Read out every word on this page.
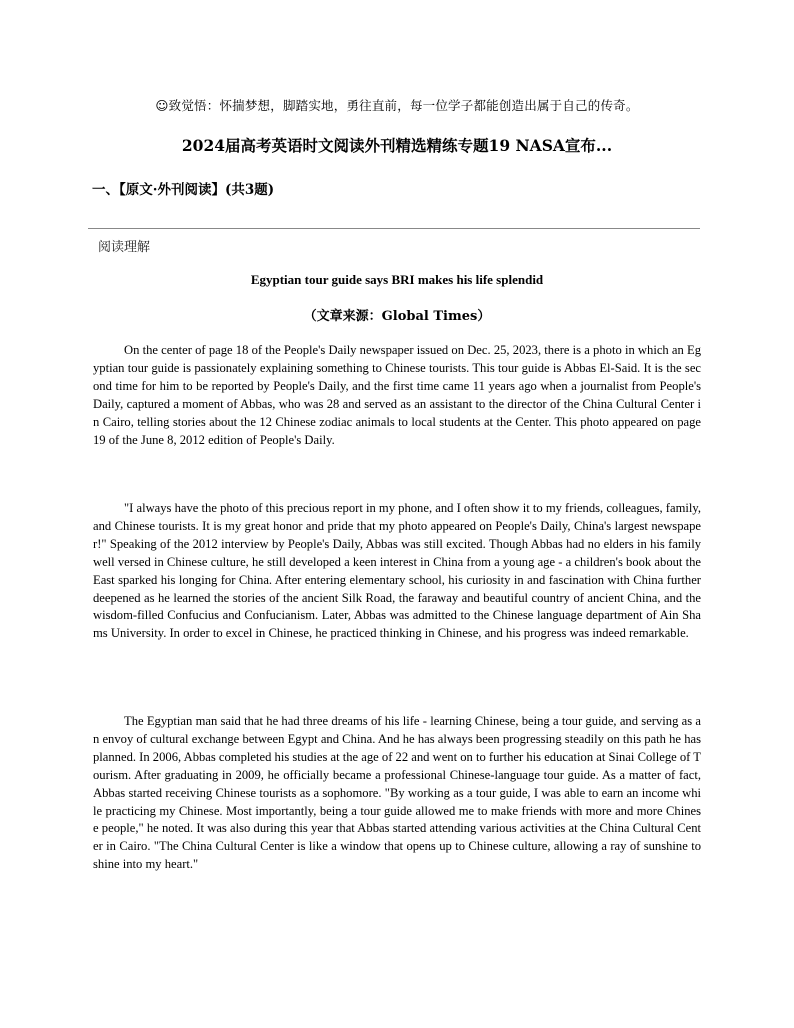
☺致觉悟：怀揣梦想，脚踏实地，勇往直前，每一位学子都能创造出属于自己的传奇。
2024届高考英语时文阅读外刊精选精练专题19 NASA宣布...
一、【原文·外刊阅读】(共3题)
阅读理解
Egyptian tour guide says BRI makes his life splendid
（文章来源：Global Times）
On the center of page 18 of the People's Daily newspaper issued on Dec. 25, 2023, there is a photo in which an Egyptian tour guide is passionately explaining something to Chinese tourists. This tour guide is Abbas El-Said. It is the second time for him to be reported by People's Daily, and the first time came 11 years ago when a journalist from People's Daily, captured a moment of Abbas, who was 28 and served as an assistant to the director of the China Cultural Center in Cairo, telling stories about the 12 Chinese zodiac animals to local students at the Center. This photo appeared on page 19 of the June 8, 2012 edition of People's Daily.
"I always have the photo of this precious report in my phone, and I often show it to my friends, colleagues, family, and Chinese tourists. It is my great honor and pride that my photo appeared on People's Daily, China's largest newspaper!" Speaking of the 2012 interview by People's Daily, Abbas was still excited. Though Abbas had no elders in his family well versed in Chinese culture, he still developed a keen interest in China from a young age - a children's book about the East sparked his longing for China. After entering elementary school, his curiosity in and fascination with China further deepened as he learned the stories of the ancient Silk Road, the faraway and beautiful country of ancient China, and the wisdom-filled Confucius and Confucianism. Later, Abbas was admitted to the Chinese language department of Ain Shams University. In order to excel in Chinese, he practiced thinking in Chinese, and his progress was indeed remarkable.
The Egyptian man said that he had three dreams of his life - learning Chinese, being a tour guide, and serving as an envoy of cultural exchange between Egypt and China. And he has always been progressing steadily on this path he has planned. In 2006, Abbas completed his studies at the age of 22 and went on to further his education at Sinai College of Tourism. After graduating in 2009, he officially became a professional Chinese-language tour guide. As a matter of fact, Abbas started receiving Chinese tourists as a sophomore. "By working as a tour guide, I was able to earn an income while practicing my Chinese. Most importantly, being a tour guide allowed me to make friends with more and more Chinese people," he noted. It was also during this year that Abbas started attending various activities at the China Cultural Center in Cairo. "The China Cultural Center is like a window that opens up to Chinese culture, allowing a ray of sunshine to shine into my heart."
